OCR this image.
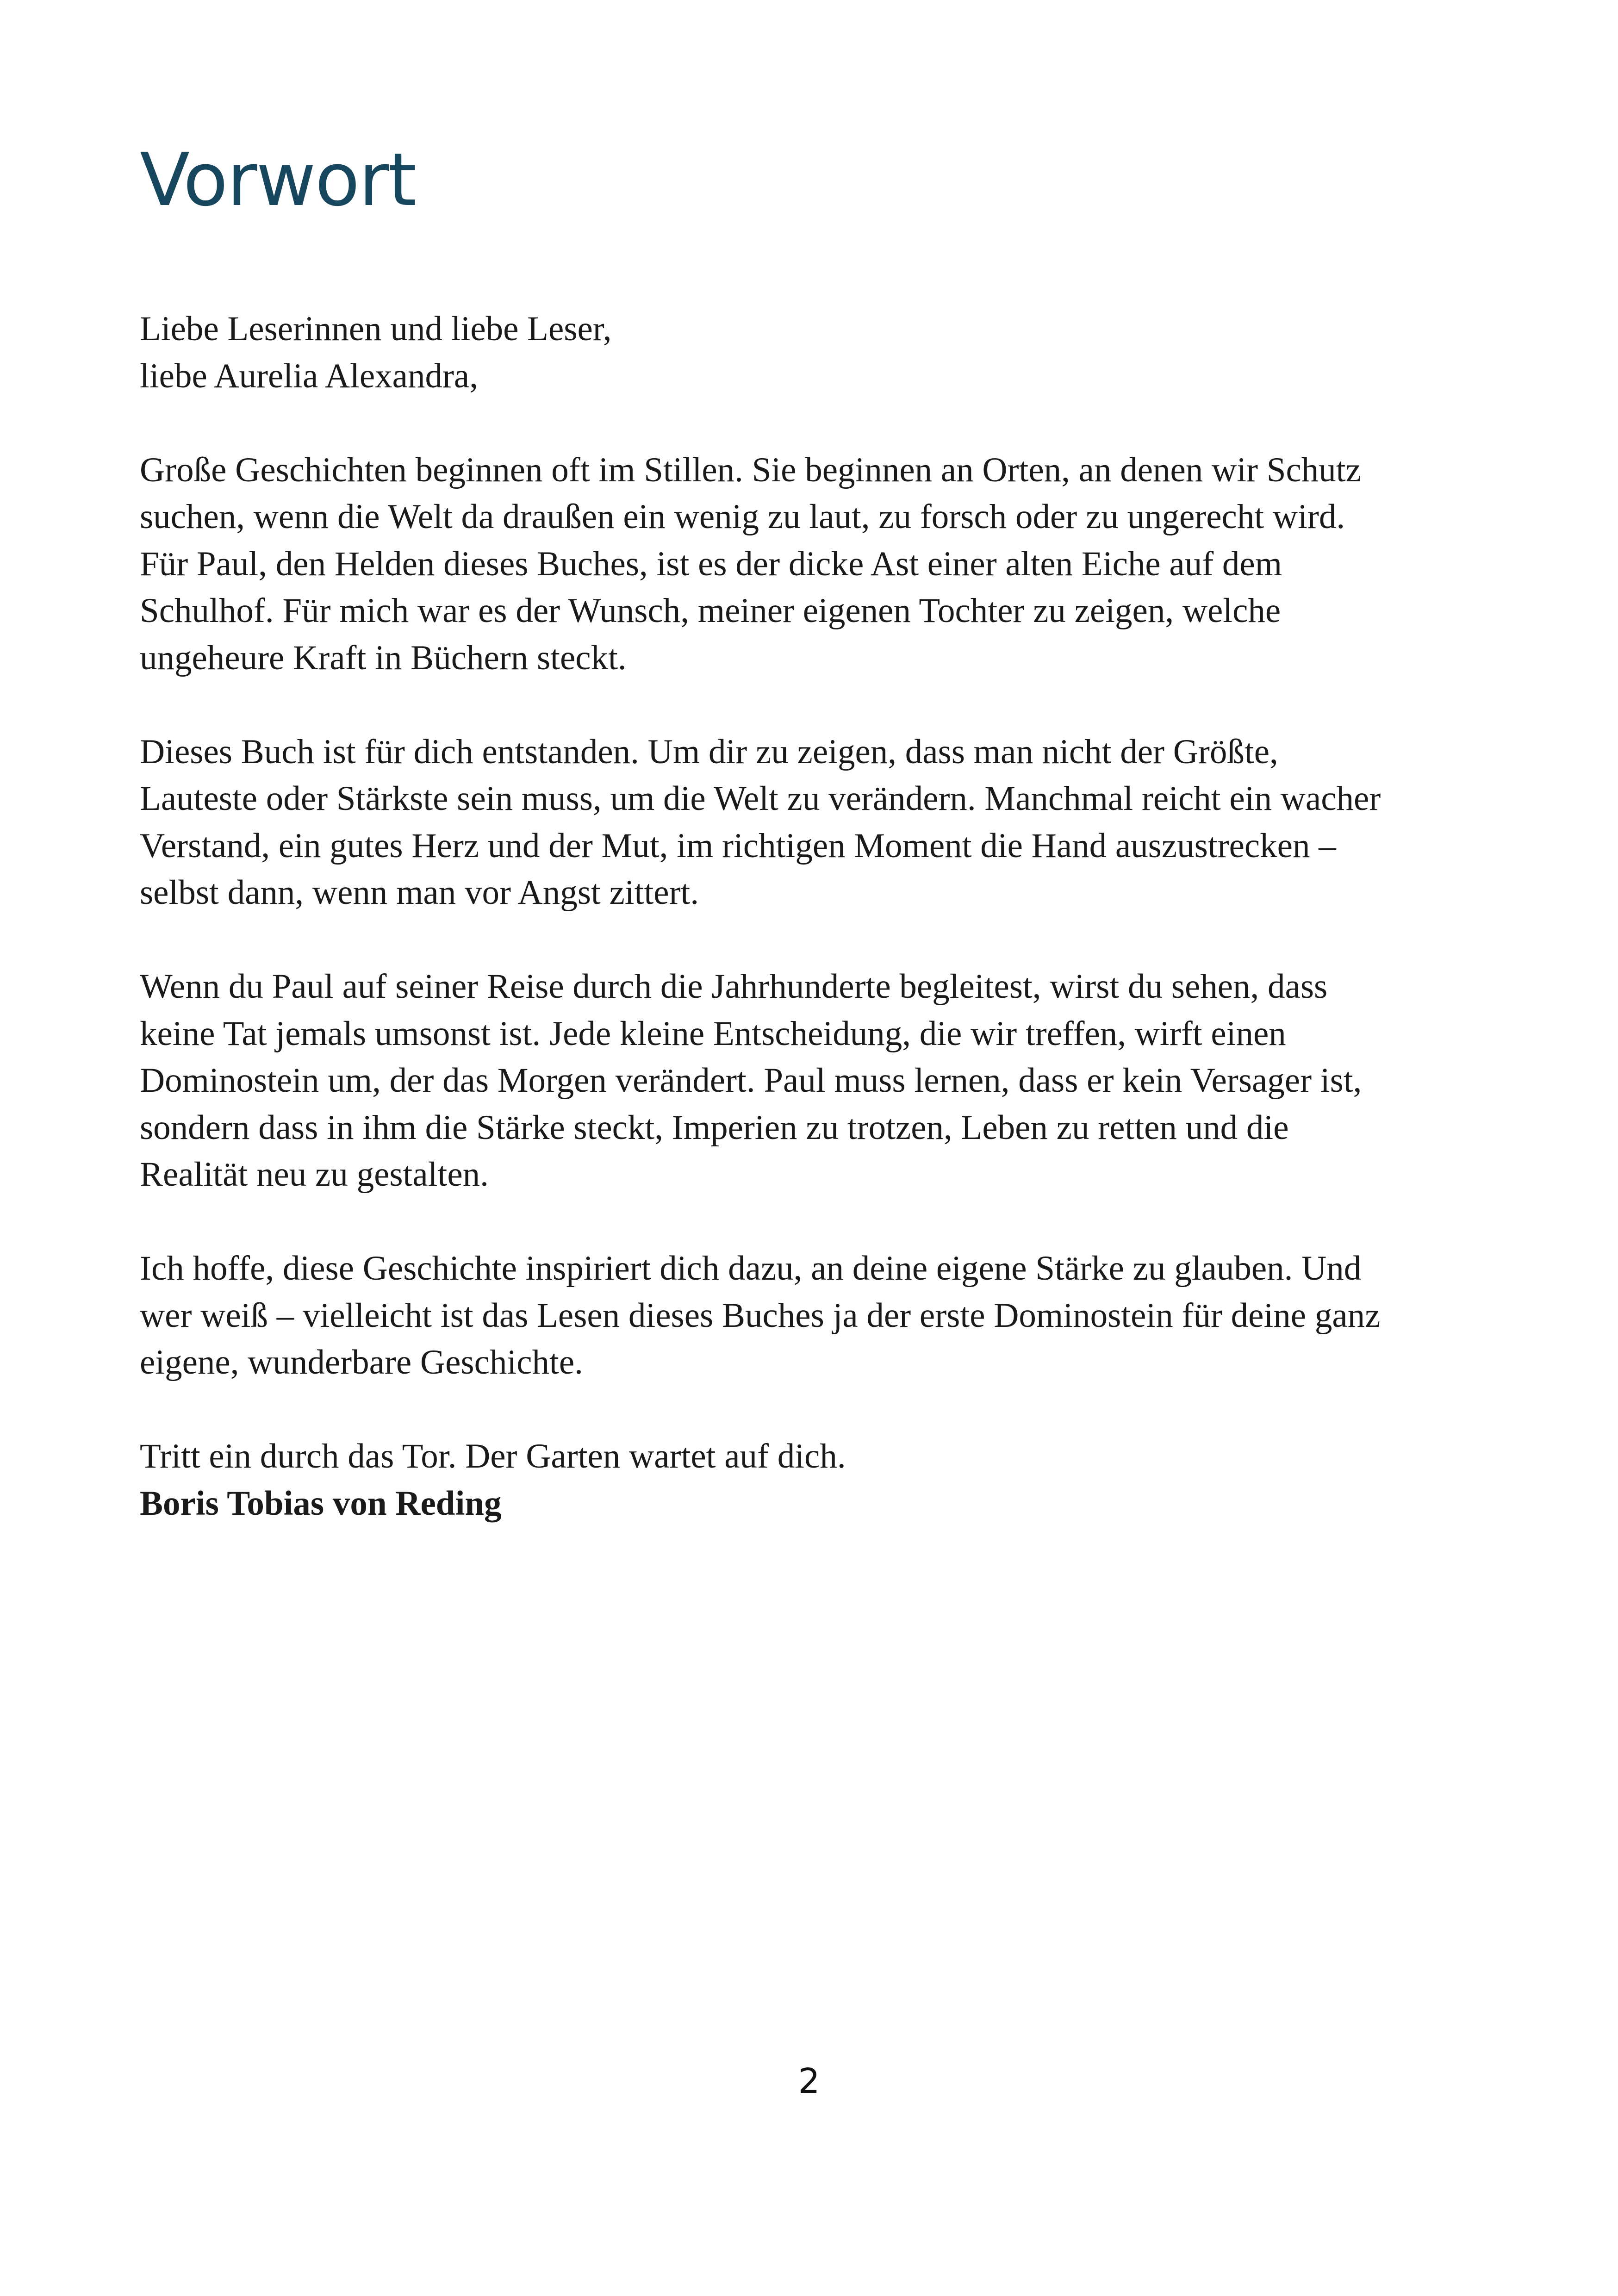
Vorwort

Liebe Leserinnen und liebe Leser,
liebe Aurelia Alexandra,

Große Geschichten beginnen oft im Stillen. Sie beginnen an Orten, an denen wir Schutz
suchen, wenn die Welt da draußen ein wenig zu laut, zu forsch oder zu ungerecht wird.
Für Paul, den Helden dieses Buches, ist es der dicke Ast einer alten Eiche auf dem
Schulhof. Für mich war es der Wunsch, meiner eigenen Tochter zu zeigen, welche
ungeheure Kraft in Büchern steckt.

Dieses Buch ist für dich entstanden. Um dir zu zeigen, dass man nicht der Größte,
Lauteste oder Stärkste sein muss, um die Welt zu verändern. Manchmal reicht ein wacher
Verstand, ein gutes Herz und der Mut, im richtigen Moment die Hand auszustrecken –
selbst dann, wenn man vor Angst zittert.

Wenn du Paul auf seiner Reise durch die Jahrhunderte begleitest, wirst du sehen, dass
keine Tat jemals umsonst ist. Jede kleine Entscheidung, die wir treffen, wirft einen
Dominostein um, der das Morgen verändert. Paul muss lernen, dass er kein Versager ist,
sondern dass in ihm die Stärke steckt, Imperien zu trotzen, Leben zu retten und die
Realität neu zu gestalten.

Ich hoffe, diese Geschichte inspiriert dich dazu, an deine eigene Stärke zu glauben. Und
wer weiß – vielleicht ist das Lesen dieses Buches ja der erste Dominostein für deine ganz
eigene, wunderbare Geschichte.

Tritt ein durch das Tor. Der Garten wartet auf dich.
Boris Tobias von Reding

2
